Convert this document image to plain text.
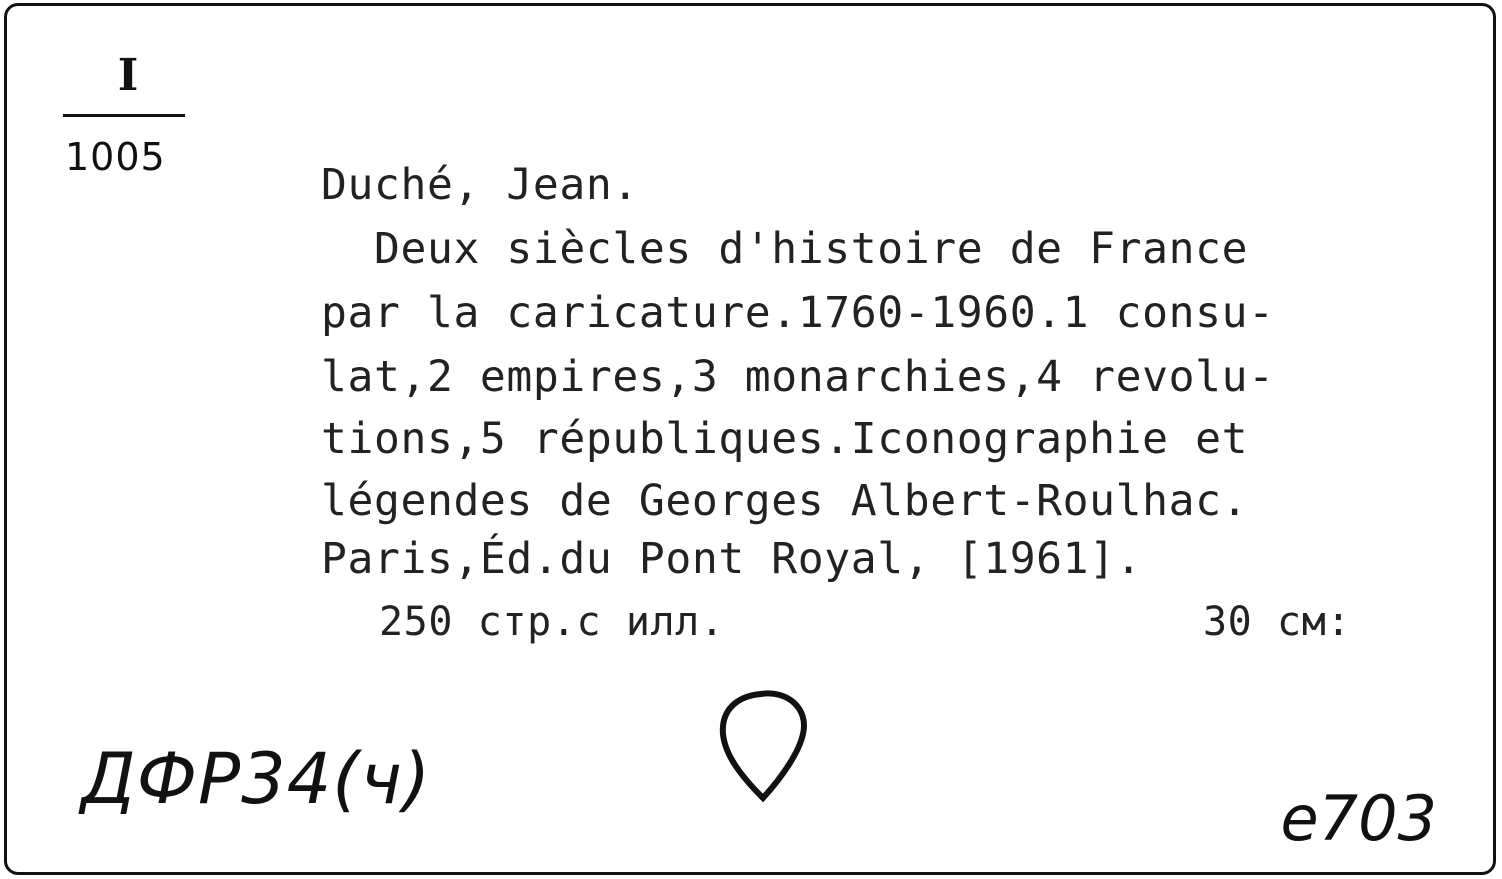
I
1005
Duché, Jean.
Deux siècles d'histoire de France
par la caricature.1760-1960.1 consu-
lat,2 empires,3 monarchies,4 revolu-
tions,5 républiques.Iconographie et
légendes de Georges Albert-Roulhac.
Paris,Éd.du Pont Royal, [1961].
250 стр.с илл.	30 см:
ДФР34(ч)	e703
